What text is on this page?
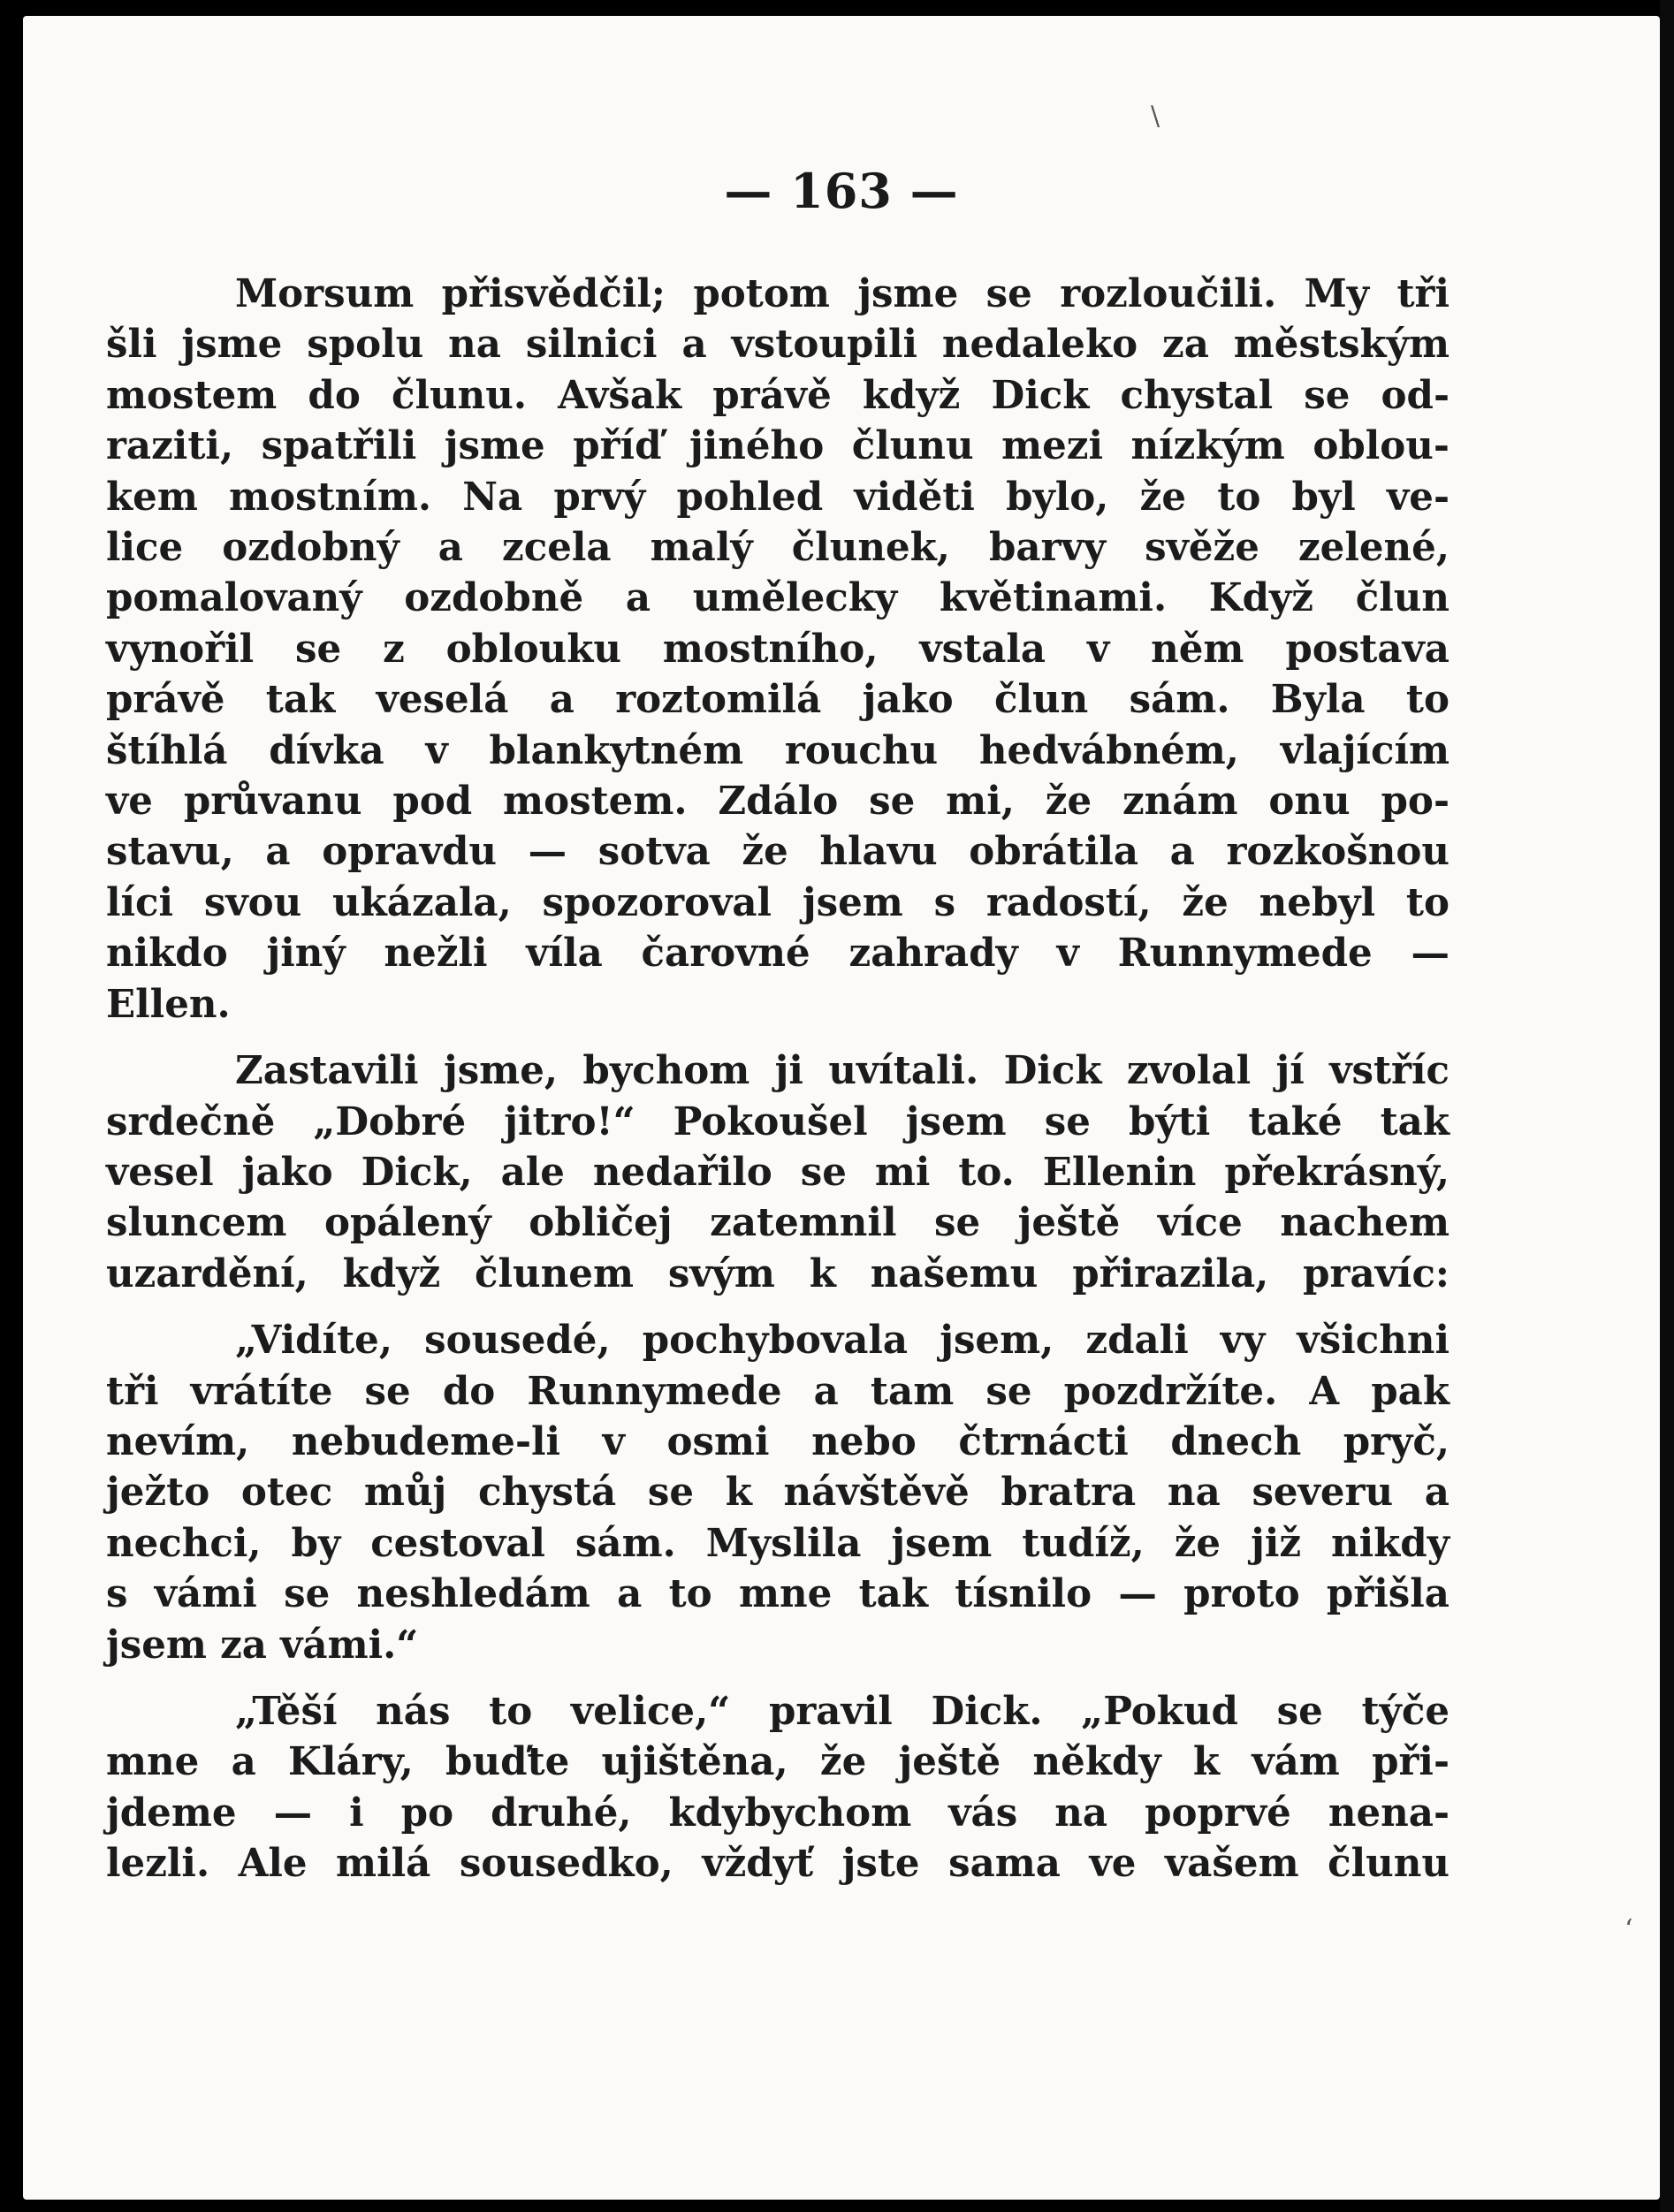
— 163 —

Morsum přisvědčil; potom jsme se rozloučili. My tři
šli jsme spolu na silnici a vstoupili nedaleko za městským
mostem do člunu. Avšak právě když Dick chystal se od-
raziti, spatřili jsme příď jiného člunu mezi nízkým oblou-
kem mostním. Na prvý pohled viděti bylo, že to byl ve-
lice ozdobný a zcela malý člunek, barvy svěže zelené,
pomalovaný ozdobně a umělecky květinami. Když člun
vynořil se z oblouku mostního, vstala v něm postava
právě tak veselá a roztomilá jako člun sám. Byla to
štíhlá dívka v blankytném rouchu hedvábném, vlajícím
ve průvanu pod mostem. Zdálo se mi, že znám onu po-
stavu, a opravdu — sotva že hlavu obrátila a rozkošnou
líci svou ukázala, spozoroval jsem s radostí, že nebyl to
nikdo jiný nežli víla čarovné zahrady v Runnymede —
Ellen.

Zastavili jsme, bychom ji uvítali. Dick zvolal jí vstříc
srdečně „Dobré jitro!“ Pokoušel jsem se býti také tak
vesel jako Dick, ale nedařilo se mi to. Ellenin překrásný,
sluncem opálený obličej zatemnil se ještě více nachem
uzardění, když člunem svým k našemu přirazila, pravíc:

„Vidíte, sousedé, pochybovala jsem, zdali vy všichni
tři vrátíte se do Runnymede a tam se pozdržíte. A pak
nevím, nebudeme-li v osmi nebo čtrnácti dnech pryč,
ježto otec můj chystá se k návštěvě bratra na severu a
nechci, by cestoval sám. Myslila jsem tudíž, že již nikdy
s vámi se neshledám a to mne tak tísnilo — proto přišla
jsem za vámi.“

„Těší nás to velice,“ pravil Dick. „Pokud se týče
mne a Kláry, buďte ujištěna, že ještě někdy k vám při-
jdeme — i po druhé, kdybychom vás na poprvé nena-
lezli. Ale milá sousedko, vždyť jste sama ve vašem člunu

\
‘
